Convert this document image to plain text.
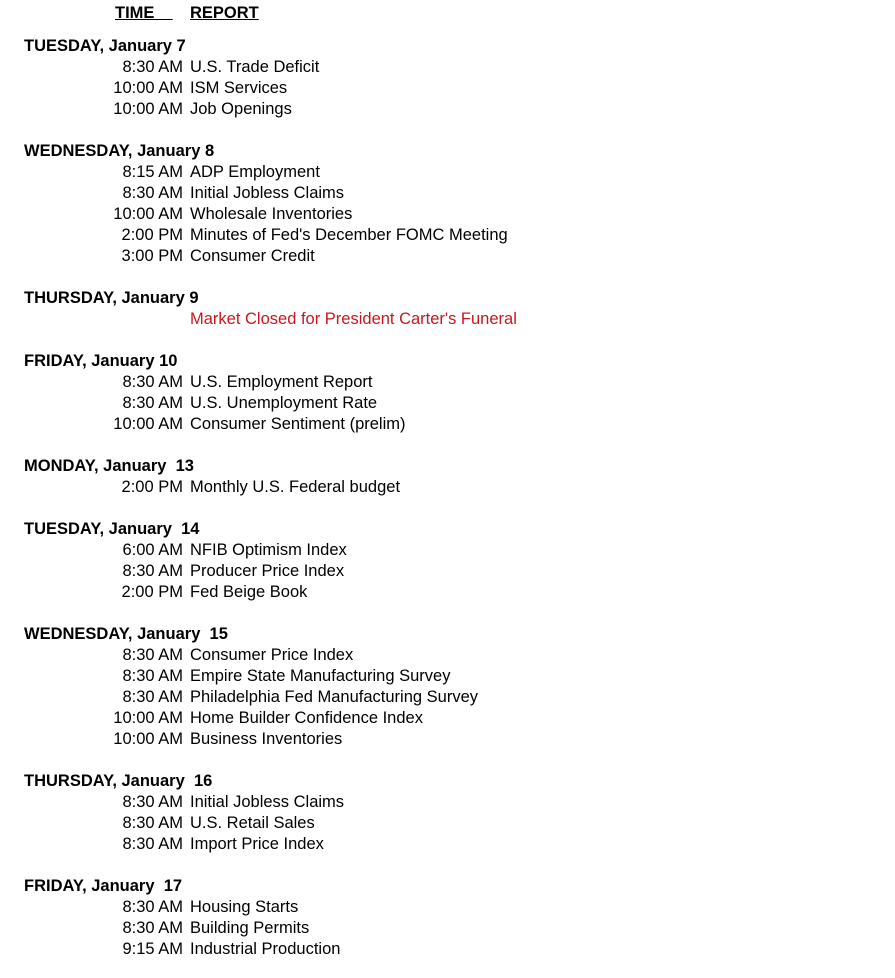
TIME	REPORT
TUESDAY, January 7
8:30 AM U.S. Trade Deficit
10:00 AM ISM Services
10:00 AM Job Openings
WEDNESDAY, January 8
8:15 AM ADP Employment
8:30 AM Initial Jobless Claims
10:00 AM Wholesale Inventories
2:00 PM Minutes of Fed's December FOMC Meeting
3:00 PM Consumer Credit
THURSDAY, January 9
Market Closed for President Carter's Funeral
FRIDAY, January 10
8:30 AM U.S. Employment Report
8:30 AM U.S. Unemployment Rate
10:00 AM Consumer Sentiment (prelim)
MONDAY, January  13
2:00 PM Monthly U.S. Federal budget
TUESDAY, January  14
6:00 AM NFIB Optimism Index
8:30 AM Producer Price Index
2:00 PM Fed Beige Book
WEDNESDAY, January  15
8:30 AM Consumer Price Index
8:30 AM Empire State Manufacturing Survey
8:30 AM Philadelphia Fed Manufacturing Survey
10:00 AM Home Builder Confidence Index
10:00 AM Business Inventories
THURSDAY, January  16
8:30 AM Initial Jobless Claims
8:30 AM U.S. Retail Sales
8:30 AM Import Price Index
FRIDAY, January  17
8:30 AM Housing Starts
8:30 AM Building Permits
9:15 AM Industrial Production
